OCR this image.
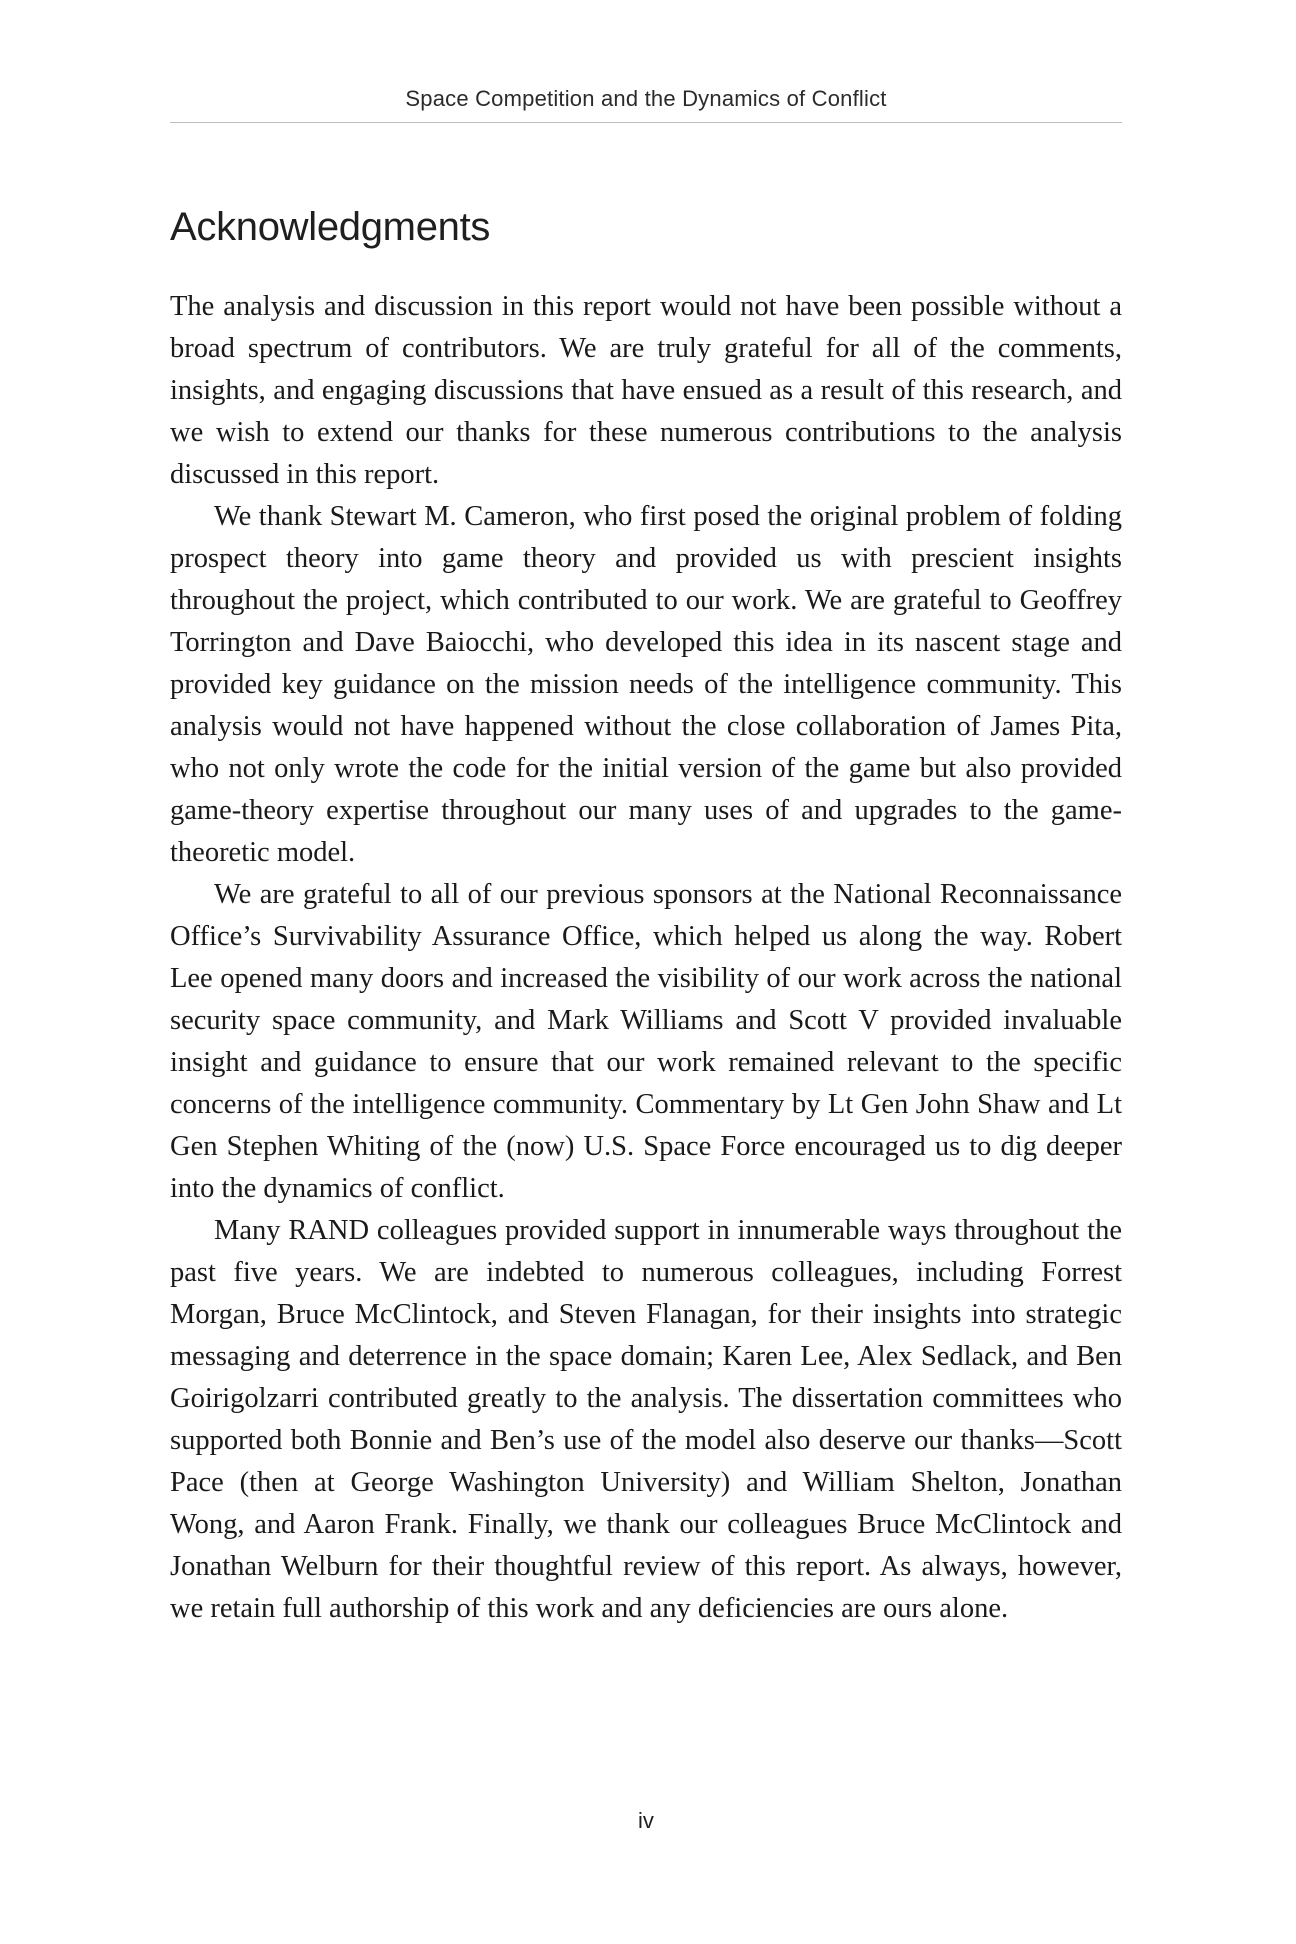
Space Competition and the Dynamics of Conflict
Acknowledgments

The analysis and discussion in this report would not have been possible without a broad spectrum of contributors. We are truly grateful for all of the comments, insights, and engaging discussions that have ensued as a result of this research, and we wish to extend our thanks for these numerous contributions to the analysis discussed in this report.

We thank Stewart M. Cameron, who first posed the original problem of folding prospect theory into game theory and provided us with prescient insights throughout the project, which contributed to our work. We are grateful to Geoffrey Torrington and Dave Baiocchi, who developed this idea in its nascent stage and provided key guidance on the mission needs of the intelligence community. This analysis would not have happened without the close collaboration of James Pita, who not only wrote the code for the initial version of the game but also provided game-theory expertise throughout our many uses of and upgrades to the game-theoretic model.

We are grateful to all of our previous sponsors at the National Reconnaissance Office’s Survivability Assurance Office, which helped us along the way. Robert Lee opened many doors and increased the visibility of our work across the national security space community, and Mark Williams and Scott V provided invaluable insight and guidance to ensure that our work remained relevant to the specific concerns of the intelligence community. Commentary by Lt Gen John Shaw and Lt Gen Stephen Whiting of the (now) U.S. Space Force encouraged us to dig deeper into the dynamics of conflict.

Many RAND colleagues provided support in innumerable ways throughout the past five years. We are indebted to numerous colleagues, including Forrest Morgan, Bruce McClintock, and Steven Flanagan, for their insights into strategic messaging and deterrence in the space domain; Karen Lee, Alex Sedlack, and Ben Goirigolzarri contributed greatly to the analysis. The dissertation committees who supported both Bonnie and Ben’s use of the model also deserve our thanks—Scott Pace (then at George Washington University) and William Shelton, Jonathan Wong, and Aaron Frank. Finally, we thank our colleagues Bruce McClintock and Jonathan Welburn for their thoughtful review of this report. As always, however, we retain full authorship of this work and any deficiencies are ours alone.

iv
